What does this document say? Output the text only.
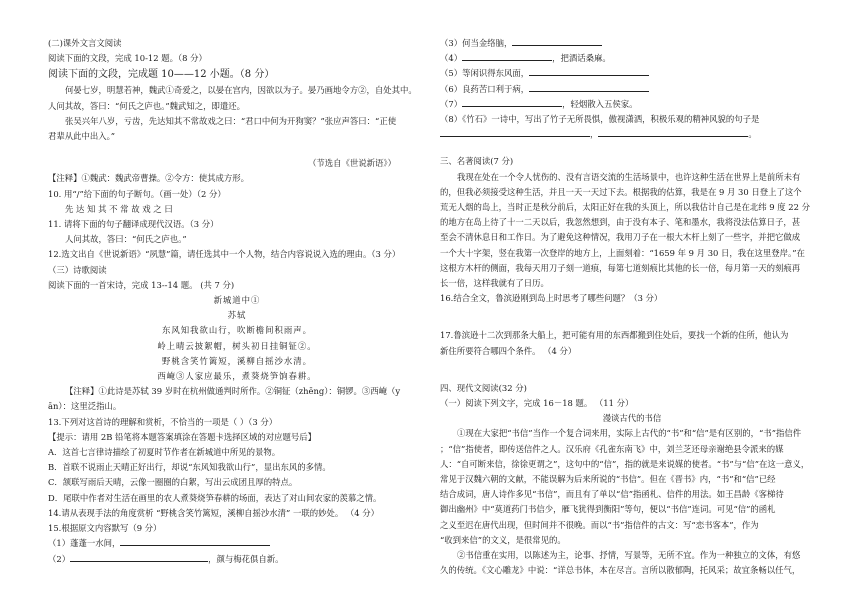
(二)课外文言文阅读
阅读下面的文段，完成 10-12 题。（8 分）
阅读下面的文段，完成题 10——12 小题。（8 分）
何晏七岁，明慧若神，魏武①奇爱之，以晏在宫内，因欲以为子。晏乃画地令方②，自处其中。
人问其故，答曰：“何氏之庐也。”魏武知之，即遣还。
张吴兴年八岁，亏齿，先达知其不常故戏之曰：“君口中何为开狗窦？”张应声答曰：“正使
君辈从此中出入。”
（节选自《世说新语》）
【注释】①魏武：魏武帝曹操。②令方：使其成方形。
10. 用“/”给下面的句子断句。（画一处）（2 分）
先 达 知 其 不 常 故 戏 之 曰
11. 请将下面的句子翻译成现代汉语。（3 分）
人问其故，答曰：“何氏之庐也。”
12.选文出自《世说新语》“夙慧”篇，请任选其中一个人物，结合内容说说入选的理由。（3 分）
（三）诗歌阅读
阅读下面的一首宋诗，完成 13--14 题。 (共 7 分)
新城道中①
苏轼
东风知我欲山行，吹断檐间积雨声。
岭上晴云披絮帽，树头初日挂铜钲②。
野桃含笑竹篱短，溪柳自摇沙水清。
西崦③人家应最乐，煮葵烧笋饷春耕。
【注释】①此诗是苏轼 39 岁时在杭州做通判时所作。②铜钲（zhēng）：铜锣。③西崦（y
ān）：这里泛指山。
13.下列对这首诗的理解和赏析，不恰当的一项是（ ）（3 分）
【提示：请用 2B 铅笔将本题答案填涂在答题卡选择区域的对应题号后】
A．这首七言律诗描绘了初夏时节作者在新城道中所见的景物。
B．首联不说雨止天晴正好出行，却说“东风知我欲山行”，显出东风的多情。
C．颔联写雨后天晴，云像一圈圈的白絮，写出云成团且厚的特点。
D．尾联中作者对生活在画里的农人煮葵烧笋春耕的场面，表达了对山间农家的羡慕之情。
14.请从表现手法的角度赏析 “野桃含笑竹篱短，溪柳自摇沙水清” 一联的妙处。 （4 分）
15.根据原文内容默写（9 分）
（1）蓬蓬一水间，
（2）	，颜与梅花俱自新。
（3）何当金络脑，
（4）	，把酒话桑麻。
（5）等闲识得东风面，
（6）良药苦口利于病，
（7）	，轻烟散入五侯家。
（8）《竹石》一诗中，写出了竹子无所畏惧，傲视潇洒，积极乐观的精神风貌的句子是
，	。
三、名著阅读(7 分)
我现在处在一个令人忧伤的、没有言语交流的生活场景中，也许这种生活在世界上是前所未有
的，但我必须接受这种生活，并且一天一天过下去。根据我的估算，我是在 9 月 30 日登上了这个
荒无人烟的岛上，当时正是秋分前后，太阳正好在我的头顶上，所以我估计自己是在北纬 9 度 22 分
的地方在岛上待了十一二天以后，我忽然想到，由于没有本子、笔和墨水，我将没法估算日子，甚
至会不清休息日和工作日。为了避免这种情况，我用刀子在一根大木杆上刻了一些字，并把它做成
一个大十字架，竖在我第一次登岸的地方上，上面刻着：“1659 年 9 月 30 日，我在这里登岸。”在
这根方木杆的侧面，我每天用刀子刻一道痕，每第七道刻痕比其他的长一倍，每月第一天的刻痕再
长一倍，这样我就有了日历。
16.结合全文，鲁滨逊刚到岛上时思考了哪些问题？（3 分）
17.鲁滨逊十二次到那条大船上，把可能有用的东西都搬到住处后，要找一个新的住所，他认为
新住所要符合哪四个条件。 （4 分）
四、现代文阅读(32 分)
（一）阅读下列文字，完成 16－18 题。 （11 分）
漫谈古代的书信
①现在大家把“书信”当作一个复合词来用，实际上古代的“书”和“信”是有区别的，“书”指信件
；“信”指使者，即传送信件之人。汉乐府《孔雀东南飞》中，刘兰芝还母亲谢绝县令派来的媒
人：“自可断来信，徐徐更谓之”，这句中的“信”，指的就是来说媒的使者。“书”与“信”在这一意义，
常见于汉魏六朝的文献，不能误解为后来所说的“书信”。但在《晋书》内，“书”和“信”已经
结合成词，唐人诗作多见“书信”，而且有了单以“信”指函札、信件的用法。如王昌龄《客梯待
御出幽州》中“莫道药门书信少，雁飞犹得到衡阳”等句，便以“书信”连词。可见“信”的函札
之义至迟在唐代出现，但时间并不很晚。而以“书”指信件的古文：写“恋书客本”，作为
“收到来信”的文义，是很常见的。
②书信重在实用，以陈述为主，论事、抒情，写景等，无所不宜。作为一种独立的文体，有悠
久的传统。《文心雕龙》中说：“详总书体，本在尽言。言所以散郁陶，托风采；故宜条畅以任气，
